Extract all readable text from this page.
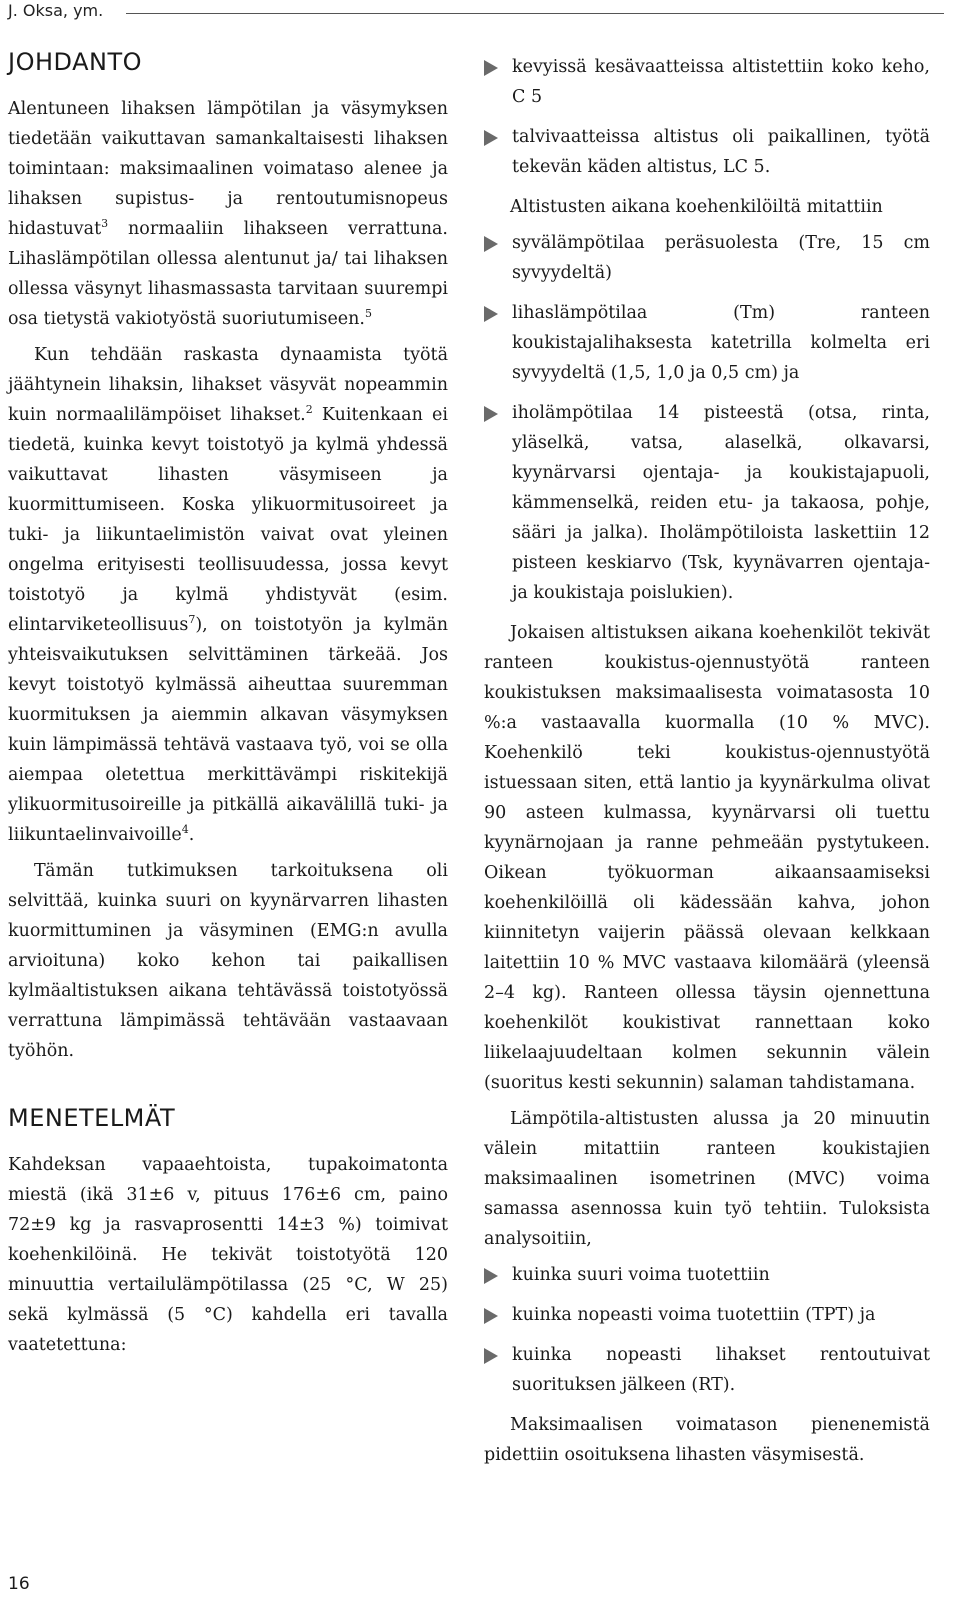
J. Oksa, ym.
JOHDANTO

Alentuneen lihaksen lämpötilan ja väsymyksen tiedetään vaikuttavan samankaltaisesti lihaksen toimintaan: maksimaalinen voimataso alenee ja lihaksen supistus- ja rentoutumisnopeus hidastuvat$^3$ normaaliin lihakseen verrattuna. Lihaslämpötilan ollessa alentunut ja/ tai lihaksen ollessa väsynyt lihasmassasta tarvitaan suurempi osa tietystä vakiotyöstä suoriutumiseen.$^5$

Kun tehdään raskasta dynaamista työtä jäähtynein lihaksin, lihakset väsyvät nopeammin kuin normaalilämpöiset lihakset.$^2$ Kuitenkaan ei tiedetä, kuinka kevyt toistotyö ja kylmä yhdessä vaikuttavat lihasten väsymiseen ja kuormittumiseen. Koska ylikuormitusoireet ja tuki- ja liikuntaelimistön vaivat ovat yleinen ongelma erityisesti teollisuudessa, jossa kevyt toistotyö ja kylmä yhdistyvät (esim. elintarviketeollisuus$^7$), on toistotyön ja kylmän yhteisvaikutuksen selvittäminen tärkeää. Jos kevyt toistotyö kylmässä aiheuttaa suuremman kuormituksen ja aiemmin alkavan väsymyksen kuin lämpimässä tehtävä vastaava työ, voi se olla aiempaa oletettua merkittävämpi riskitekijä ylikuormitusoireille ja pitkällä aikavälillä tuki- ja liikuntaelinvaivoille$^4$.

Tämän tutkimuksen tarkoituksena oli selvittää, kuinka suuri on kyynärvarren lihasten kuormittuminen ja väsyminen (EMG:n avulla arvioituna) koko kehon tai paikallisen kylmäaltistuksen aikana tehtävässä toistotyössä verrattuna lämpimässä tehtävään vastaavaan työhön.

MENETELMÄT

Kahdeksan vapaaehtoista, tupakoimatonta miestä (ikä 31±6 v, pituus 176±6 cm, paino 72±9 kg ja rasvaprosentti 14±3 %) toimivat koehenkilöinä. He tekivät toistotyötä 120 minuuttia vertailulämpötilassa (25 °C, W 25) sekä kylmässä (5 °C) kahdella eri tavalla vaatetettuna:

kevyissä kesävaatteissa altistettiin koko keho, C 5
talvivaatteissa altistus oli paikallinen, työtä tekevän käden altistus, LC 5.

Altistusten aikana koehenkilöiltä mitattiin

syvälämpötilaa peräsuolesta (Tre, 15 cm syvyydeltä)
lihaslämpötilaa (Tm) ranteen koukistajalihaksesta katetrilla kolmelta eri syvyydeltä (1,5, 1,0 ja 0,5 cm) ja
iholämpötilaa 14 pisteestä (otsa, rinta, yläselkä, vatsa, alaselkä, olkavarsi, kyynärvarsi ojentaja- ja koukistajapuoli, kämmenselkä, reiden etu- ja takaosa, pohje, sääri ja jalka). Iholämpötiloista laskettiin 12 pisteen keskiarvo (Tsk, kyynävarren ojentaja- ja koukistaja poislukien).

Jokaisen altistuksen aikana koehenkilöt tekivät ranteen koukistus-ojennustyötä ranteen koukistuksen maksimaalisesta voimatasosta 10 %:a vastaavalla kuormalla (10 % MVC). Koehenkilö teki koukistus-ojennustyötä istuessaan siten, että lantio ja kyynärkulma olivat 90 asteen kulmassa, kyynärvarsi oli tuettu kyynärnojaan ja ranne pehmeään pystytukeen. Oikean työkuorman aikaansaamiseksi koehenkilöillä oli kädessään kahva, johon kiinnitetyn vaijerin päässä olevaan kelkkaan laitettiin 10 % MVC vastaava kilomäärä (yleensä 2–4 kg). Ranteen ollessa täysin ojennettuna koehenkilöt koukistivat rannettaan koko liikelaajuudeltaan kolmen sekunnin välein (suoritus kesti sekunnin) salaman tahdistamana.

Lämpötila-altistusten alussa ja 20 minuutin välein mitattiin ranteen koukistajien maksimaalinen isometrinen (MVC) voima samassa asennossa kuin työ tehtiin. Tuloksista analysoitiin,

kuinka suuri voima tuotettiin
kuinka nopeasti voima tuotettiin (TPT) ja
kuinka nopeasti lihakset rentoutuivat suorituksen jälkeen (RT).

Maksimaalisen voimatason pienenemistä pidettiin osoituksena lihasten väsymisestä.

16
